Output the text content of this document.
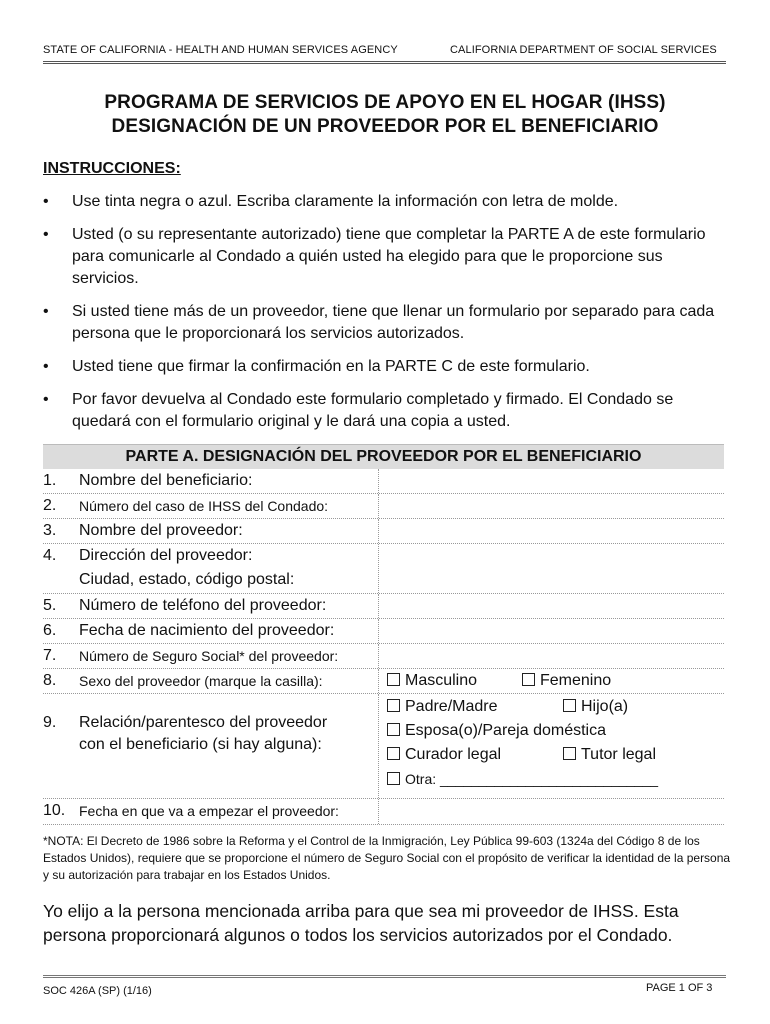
STATE OF CALIFORNIA - HEALTH AND HUMAN SERVICES AGENCY	CALIFORNIA DEPARTMENT OF SOCIAL SERVICES
PROGRAMA DE SERVICIOS DE APOYO EN EL HOGAR (IHSS)
DESIGNACIÓN DE UN PROVEEDOR POR EL BENEFICIARIO
INSTRUCCIONES:
• Use tinta negra o azul. Escriba claramente la información con letra de molde.
• Usted (o su representante autorizado) tiene que completar la PARTE A de este formulario para comunicarle al Condado a quién usted ha elegido para que le proporcione sus servicios.
• Si usted tiene más de un proveedor, tiene que llenar un formulario por separado para cada persona que le proporcionará los servicios autorizados.
• Usted tiene que firmar la confirmación en la PARTE C de este formulario.
• Por favor devuelva al Condado este formulario completado y firmado. El Condado se quedará con el formulario original y le dará una copia a usted.
PARTE A. DESIGNACIÓN DEL PROVEEDOR POR EL BENEFICIARIO
1.	Nombre del beneficiario:
2.	Número del caso de IHSS del Condado:
3.	Nombre del proveedor:
4.	Dirección del proveedor:
Ciudad, estado, código postal:
5.	Número de teléfono del proveedor:
6.	Fecha de nacimiento del proveedor:
7.	Número de Seguro Social* del proveedor:
8.	Sexo del proveedor (marque la casilla):	Masculino	Femenino
9.	Relación/parentesco del proveedor
con el beneficiario (si hay alguna):
Padre/Madre	Hijo(a)
Esposa(o)/Pareja doméstica
Curador legal	Tutor legal
Otra: ____________________________
10. Fecha en que va a empezar el proveedor:
*NOTA: El Decreto de 1986 sobre la Reforma y el Control de la Inmigración, Ley Pública 99-603 (1324a del Código 8 de los Estados Unidos), requiere que se proporcione el número de Seguro Social con el propósito de verificar la identidad de la persona y su autorización para trabajar en los Estados Unidos.
Yo elijo a la persona mencionada arriba para que sea mi proveedor de IHSS. Esta persona proporcionará algunos o todos los servicios autorizados por el Condado.
SOC 426A (SP) (1/16)	PAGE 1 OF 3
